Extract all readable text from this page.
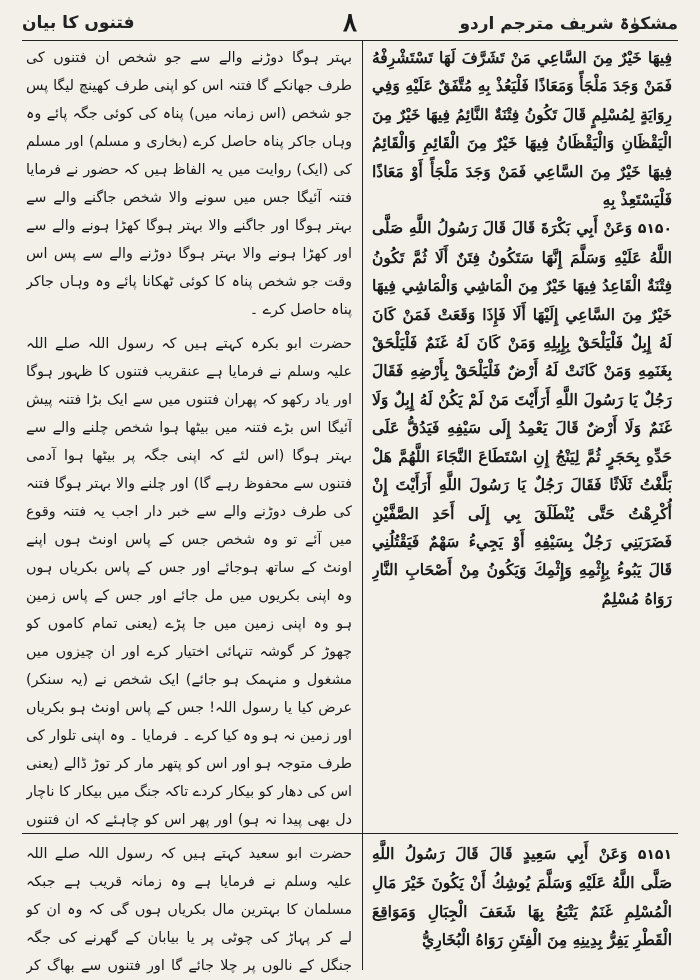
مشکوٰۃ شریف مترجم اردو
۸
فتنوں کا بیان

فِيهَا خَيْرٌ مِنَ السَّاعِي مَنْ تَشَرَّفَ لَهَا تَسْتَشْرِفْهُ فَمَنْ وَجَدَ مَلْجَأً وَمَعَاذًا فَلْيَعُذْ بِهِ مُتَّفَقٌ عَلَيْهِ وَفِي رِوَايَةٍ لِمُسْلِمٍ قَالَ تَكُونُ فِتْنَةٌ النَّائِمُ فِيهَا خَيْرٌ مِنَ الْيَقْظَانِ وَالْيَقْظَانُ فِيهَا خَيْرٌ مِنَ الْقَائِمِ وَالْقَائِمُ فِيهَا خَيْرٌ مِنَ السَّاعِي فَمَنْ وَجَدَ مَلْجَأً أَوْ مَعَاذًا فَلْيَسْتَعِذْ بِهِ

۵۱۵۰ وَعَنْ أَبِي بَكْرَةَ قَالَ قَالَ رَسُولُ اللَّهِ صَلَّى اللَّهُ عَلَيْهِ وَسَلَّمَ إِنَّهَا سَتَكُونُ فِتَنٌ أَلَا ثُمَّ تَكُونُ فِتْنَةٌ الْقَاعِدُ فِيهَا خَيْرٌ مِنَ الْمَاشِي وَالْمَاشِي فِيهَا خَيْرٌ مِنَ السَّاعِي إِلَيْهَا أَلَا فَإِذَا وَقَعَتْ فَمَنْ كَانَ لَهُ إِبِلٌ فَلْيَلْحَقْ بِإِبِلِهِ وَمَنْ كَانَ لَهُ غَنَمٌ فَلْيَلْحَقْ بِغَنَمِهِ وَمَنْ كَانَتْ لَهُ أَرْضٌ فَلْيَلْحَقْ بِأَرْضِهِ فَقَالَ رَجُلٌ يَا رَسُولَ اللَّهِ أَرَأَيْتَ مَنْ لَمْ يَكُنْ لَهُ إِبِلٌ وَلَا غَنَمٌ وَلَا أَرْضٌ قَالَ يَعْمِدُ إِلَى سَيْفِهِ فَيَدُقُّ عَلَى حَدِّهِ بِحَجَرٍ ثُمَّ لِيَنْجُ إِنِ اسْتَطَاعَ النَّجَاءَ اللَّهُمَّ هَلْ بَلَّغْتُ ثَلَاثًا فَقَالَ رَجُلٌ يَا رَسُولَ اللَّهِ أَرَأَيْتَ إِنْ أُكْرِهْتُ حَتَّى يُنْطَلَقَ بِي إِلَى أَحَدِ الصَّفَّيْنِ فَضَرَبَنِي رَجُلٌ بِسَيْفِهِ أَوْ يَجِيءُ سَهْمٌ فَيَقْتُلُنِي قَالَ يَبُوءُ بِإِثْمِهِ وَإِثْمِكَ وَيَكُونُ مِنْ أَصْحَابِ النَّارِ رَوَاهُ مُسْلِمٌ

بہتر ہوگا دوڑنے والے سے جو شخص ان فتنوں کی طرف جھانکے گا فتنہ اس کو اپنی طرف کھینچ لیگا پس جو شخص (اس زمانہ میں) پناہ کی کوئی جگہ پائے وہ وہاں جاکر پناہ حاصل کرے (بخاری و مسلم) اور مسلم کی (ایک) روایت میں یہ الفاظ ہیں کہ حضور نے فرمایا فتنہ آئیگا جس میں سونے والا شخص جاگنے والے سے بہتر ہوگا اور جاگنے والا بہتر ہوگا کھڑا ہونے والے سے اور کھڑا ہونے والا بہتر ہوگا دوڑنے والے سے پس اس وقت جو شخص پناہ کا کوئی ٹھکانا پائے وہ وہاں جاکر پناہ حاصل کرے ۔

حضرت ابو بکرہ کہتے ہیں کہ رسول اللہ صلے اللہ علیہ وسلم نے فرمایا ہے عنقریب فتنوں کا ظہور ہوگا اور یاد رکھو کہ پھران فتنوں میں سے ایک بڑا فتنہ پیش آئیگا اس بڑے فتنہ میں بیٹھا ہوا شخص چلنے والے سے بہتر ہوگا (اس لئے کہ اپنی جگہ پر بیٹھا ہوا آدمی فتنوں سے محفوظ رہے گا) اور چلنے والا بہتر ہوگا فتنہ کی طرف دوڑنے والے سے خبر دار اجب یہ فتنہ وقوع میں آئے تو وہ شخص جس کے پاس اونٹ ہوں اپنے اونٹ کے ساتھ ہوجائے اور جس کے پاس بکریاں ہوں وہ اپنی بکریوں میں مل جائے اور جس کے پاس زمین ہو وہ اپنی زمین میں جا پڑے (یعنی تمام کاموں کو چھوڑ کر گوشہ تنہائی اختیار کرے اور ان چیزوں میں مشغول و منہمک ہو جائے) ایک شخص نے (یہ سنکر) عرض کیا یا رسول اللہ! جس کے پاس اونٹ ہو بکریاں اور زمین نہ ہو وہ کیا کرے ۔ فرمایا ۔ وہ اپنی تلوار کی طرف متوجہ ہو اور اس کو پتھر مار کر توڑ ڈالے (یعنی اس کی دھار کو بیکار کردے تاکہ جنگ میں بیکار کا ناچار دل بھی پیدا نہ ہو) اور پھر اس کو چاہئے کہ ان فتنوں

۵۱۵۱ وَعَنْ أَبِي سَعِيدٍ قَالَ قَالَ رَسُولُ اللَّهِ صَلَّى اللَّهُ عَلَيْهِ وَسَلَّمَ يُوشِكُ أَنْ يَكُونَ خَيْرَ مَالِ الْمُسْلِمِ غَنَمٌ يَتْبَعُ بِهَا شَعَفَ الْجِبَالِ وَمَوَاقِعَ الْقَطْرِ يَفِرُّ بِدِينِهِ مِنَ الْفِتَنِ رَوَاهُ الْبُخَارِيُّ

حضرت ابو سعید کہتے ہیں کہ رسول اللہ صلے اللہ علیہ وسلم نے فرمایا ہے وہ زمانہ قریب ہے جبکہ مسلمان کا بہترین مال بکریاں ہوں گی کہ وہ ان کو لے کر پہاڑ کی چوٹی پر یا بیابان کے گھرنے کی جگہ جنگل کے نالوں پر چلا جائے گا اور فتنوں سے بھاگ کر
